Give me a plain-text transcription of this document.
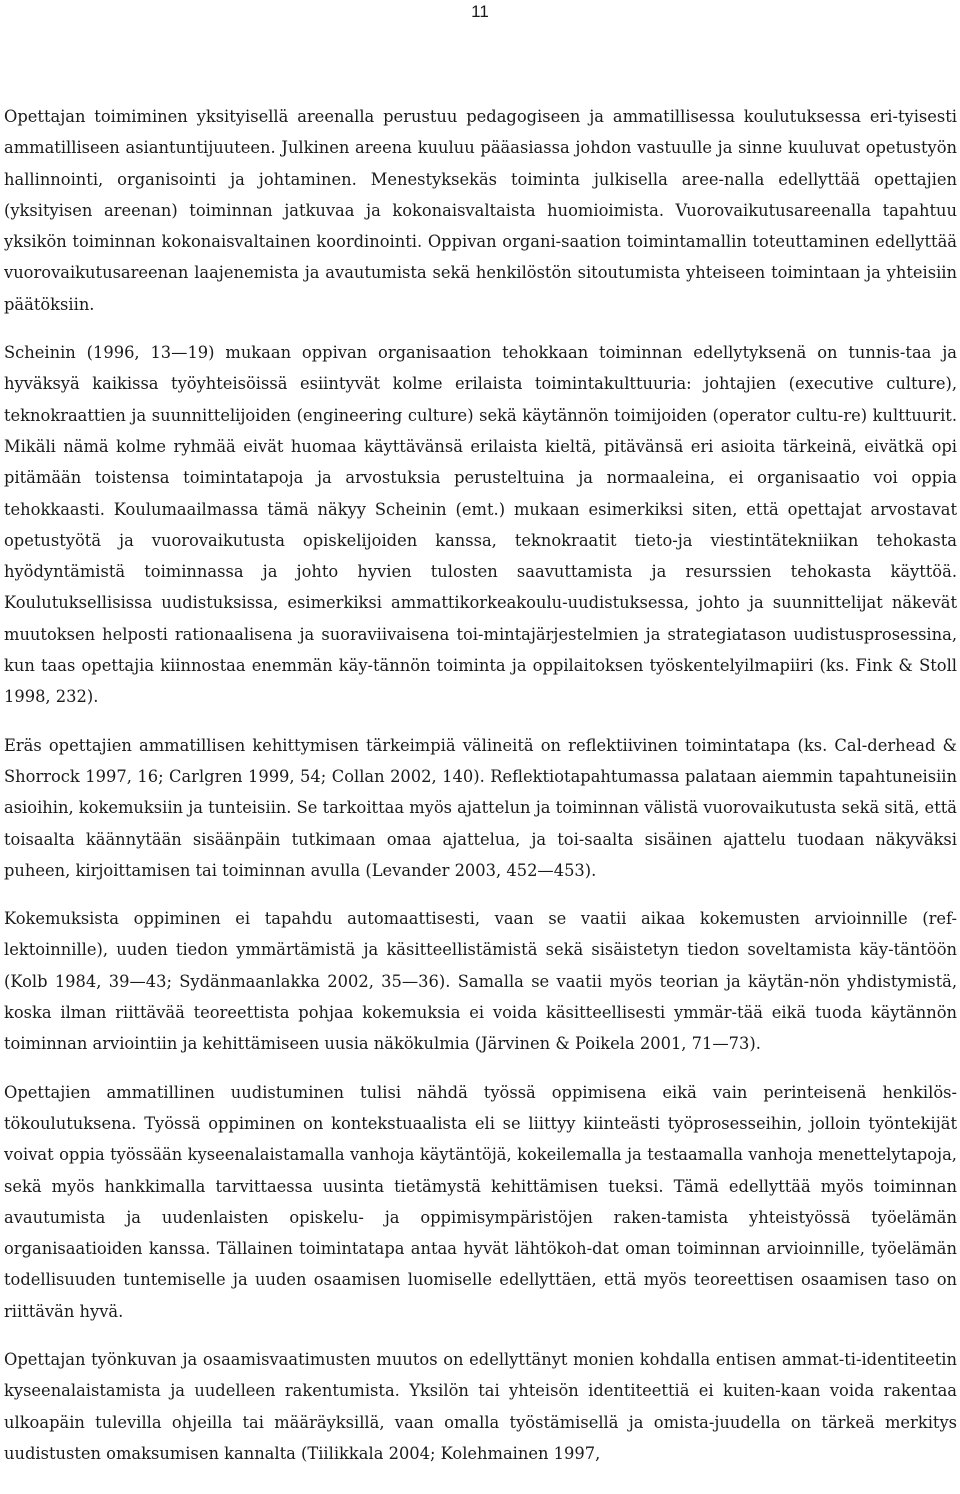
11

Opettajan toimiminen yksityisellä areenalla perustuu pedagogiseen ja ammatillisessa koulutuksessa eri-tyisesti ammatilliseen asiantuntijuuteen. Julkinen areena kuuluu pääasiassa johdon vastuulle ja sinne kuuluvat opetustyön hallinnointi, organisointi ja johtaminen. Menestyksekäs toiminta julkisella aree-nalla edellyttää opettajien (yksityisen areenan) toiminnan jatkuvaa ja kokonaisvaltaista huomioimista. Vuorovaikutusareenalla tapahtuu yksikön toiminnan kokonaisvaltainen koordinointi. Oppivan organi-saation toimintamallin toteuttaminen edellyttää vuorovaikutusareenan laajenemista ja avautumista sekä henkilöstön sitoutumista yhteiseen toimintaan ja yhteisiin päätöksiin.

Scheinin (1996, 13—19) mukaan oppivan organisaation tehokkaan toiminnan edellytyksenä on tunnis-taa ja hyväksyä kaikissa työyhteisöissä esiintyvät kolme erilaista toimintakulttuuria: johtajien (executive culture), teknokraattien ja suunnittelijoiden (engineering culture) sekä käytännön toimijoiden (operator cultu-re) kulttuurit. Mikäli nämä kolme ryhmää eivät huomaa käyttävänsä erilaista kieltä, pitävänsä eri asioita tärkeinä, eivätkä opi pitämään toistensa toimintatapoja ja arvostuksia perusteltuina ja normaaleina, ei organisaatio voi oppia tehokkaasti. Koulumaailmassa tämä näkyy Scheinin (emt.) mukaan esimerkiksi siten, että opettajat arvostavat opetustyötä ja vuorovaikutusta opiskelijoiden kanssa, teknokraatit tieto-ja viestintätekniikan tehokasta hyödyntämistä toiminnassa ja johto hyvien tulosten saavuttamista ja resurssien tehokasta käyttöä. Koulutuksellisissa uudistuksissa, esimerkiksi ammattikorkeakoulu-uudistuksessa, johto ja suunnittelijat näkevät muutoksen helposti rationaalisena ja suoraviivaisena toi-mintajärjestelmien ja strategiatason uudistusprosessina, kun taas opettajia kiinnostaa enemmän käy-tännön toiminta ja oppilaitoksen työskentelyilmapiiri (ks. Fink & Stoll 1998, 232).

Eräs opettajien ammatillisen kehittymisen tärkeimpiä välineitä on reflektiivinen toimintatapa (ks. Cal-derhead & Shorrock 1997, 16; Carlgren 1999, 54; Collan 2002, 140). Reflektiotapahtumassa palataan aiemmin tapahtuneisiin asioihin, kokemuksiin ja tunteisiin. Se tarkoittaa myös ajattelun ja toiminnan välistä vuorovaikutusta sekä sitä, että toisaalta käännytään sisäänpäin tutkimaan omaa ajattelua, ja toi-saalta sisäinen ajattelu tuodaan näkyväksi puheen, kirjoittamisen tai toiminnan avulla (Levander 2003, 452—453).

Kokemuksista oppiminen ei tapahdu automaattisesti, vaan se vaatii aikaa kokemusten arvioinnille (ref-lektoinnille), uuden tiedon ymmärtämistä ja käsitteellistämistä sekä sisäistetyn tiedon soveltamista käy-täntöön (Kolb 1984, 39—43; Sydänmaanlakka 2002, 35—36). Samalla se vaatii myös teorian ja käytän-nön yhdistymistä, koska ilman riittävää teoreettista pohjaa kokemuksia ei voida käsitteellisesti ymmär-tää eikä tuoda käytännön toiminnan arviointiin ja kehittämiseen uusia näkökulmia (Järvinen & Poikela 2001, 71—73).

Opettajien ammatillinen uudistuminen tulisi nähdä työssä oppimisena eikä vain perinteisenä henkilös-tökoulutuksena. Työssä oppiminen on kontekstuaalista eli se liittyy kiinteästi työprosesseihin, jolloin työntekijät voivat oppia työssään kyseenalaistamalla vanhoja käytäntöjä, kokeilemalla ja testaamalla vanhoja menettelytapoja, sekä myös hankkimalla tarvittaessa uusinta tietämystä kehittämisen tueksi. Tämä edellyttää myös toiminnan avautumista ja uudenlaisten opiskelu- ja oppimisympäristöjen raken-tamista yhteistyössä työelämän organisaatioiden kanssa. Tällainen toimintatapa antaa hyvät lähtökoh-dat oman toiminnan arvioinnille, työelämän todellisuuden tuntemiselle ja uuden osaamisen luomiselle edellyttäen, että myös teoreettisen osaamisen taso on riittävän hyvä.

Opettajan työnkuvan ja osaamisvaatimusten muutos on edellyttänyt monien kohdalla entisen ammat-ti-identiteetin kyseenalaistamista ja uudelleen rakentumista. Yksilön tai yhteisön identiteettiä ei kuiten-kaan voida rakentaa ulkoapäin tulevilla ohjeilla tai määräyksillä, vaan omalla työstämisellä ja omista-juudella on tärkeä merkitys uudistusten omaksumisen kannalta (Tiilikkala 2004; Kolehmainen 1997,
